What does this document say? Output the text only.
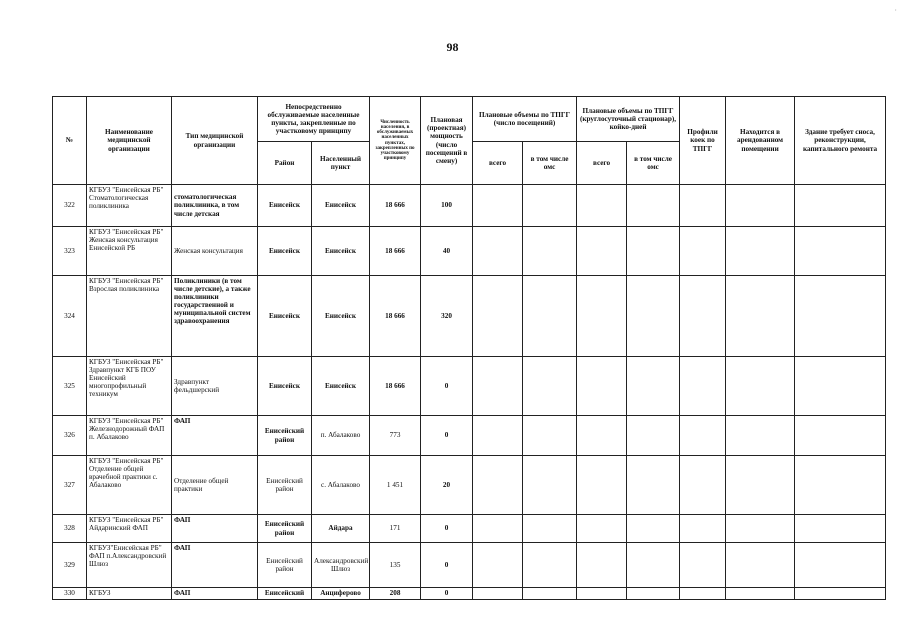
·
98
№	Наименование медицинской организации	Тип медицинской организации	Непосредственно обслуживаемые населенные пункты, закрепленные по участковому принципу		Численность населения, в обслуживаемых населенных пунктах, закрепленных по участковому принципу	Плановая (проектная) мощность (число посещений в смену)	Плановые объемы по ТПГГ (число посещений)		Плановые объемы по ТПГГ (круглосуточный стационар), койко-дней		Профили коек по ТПГГ	Находится в арендованном помещении	Здание требует сноса, реконструкции, капитального ремонта
			Район	Населенный пункт			всего	в том числе омс	всего	в том числе омс			
322	КГБУЗ "Енисейская РБ" Стоматологическая поликлиника	стоматологическая поликлиника, в том числе детская	Енисейск	Енисейск	18 666	100							
323	КГБУЗ "Енисейская РБ" Женская консультация Енисейской РБ	Женская консультация	Енисейск	Енисейск	18 666	40							
324	КГБУЗ "Енисейская РБ" Взрослая поликлиника	Поликлиники (в том числе детские), а также поликлиники государственной и муниципальной систем здравоохранения	Енисейск	Енисейск	18 666	320							
325	КГБУЗ "Енисейская РБ" Здравпункт КГБ ПОУ Енисейский многопрофильный техникум	Здравпункт фельдшерский	Енисейск	Енисейск	18 666	0							
326	КГБУЗ "Енисейская РБ" Железнодорожный ФАП п. Абалаково	ФАП	Енисейский район	п. Абалаково	773	0							
327	КГБУЗ "Енисейская РБ" Отделение общей врачебной практики с. Абалаково	Отделение общей практики	Енисейский район	с. Абалаково	1 451	20							
328	КГБУЗ "Енисейская РБ" Айдаринский ФАП	ФАП	Енисейский район	Айдара	171	0							
329	КГБУЗ"Енисейская РБ" ФАП п.Александровский Шлюз	ФАП	Енисейский район	Александровский Шлюз	135	0							
330	КГБУЗ	ФАП	Енисейский	Анциферово	208	0							
